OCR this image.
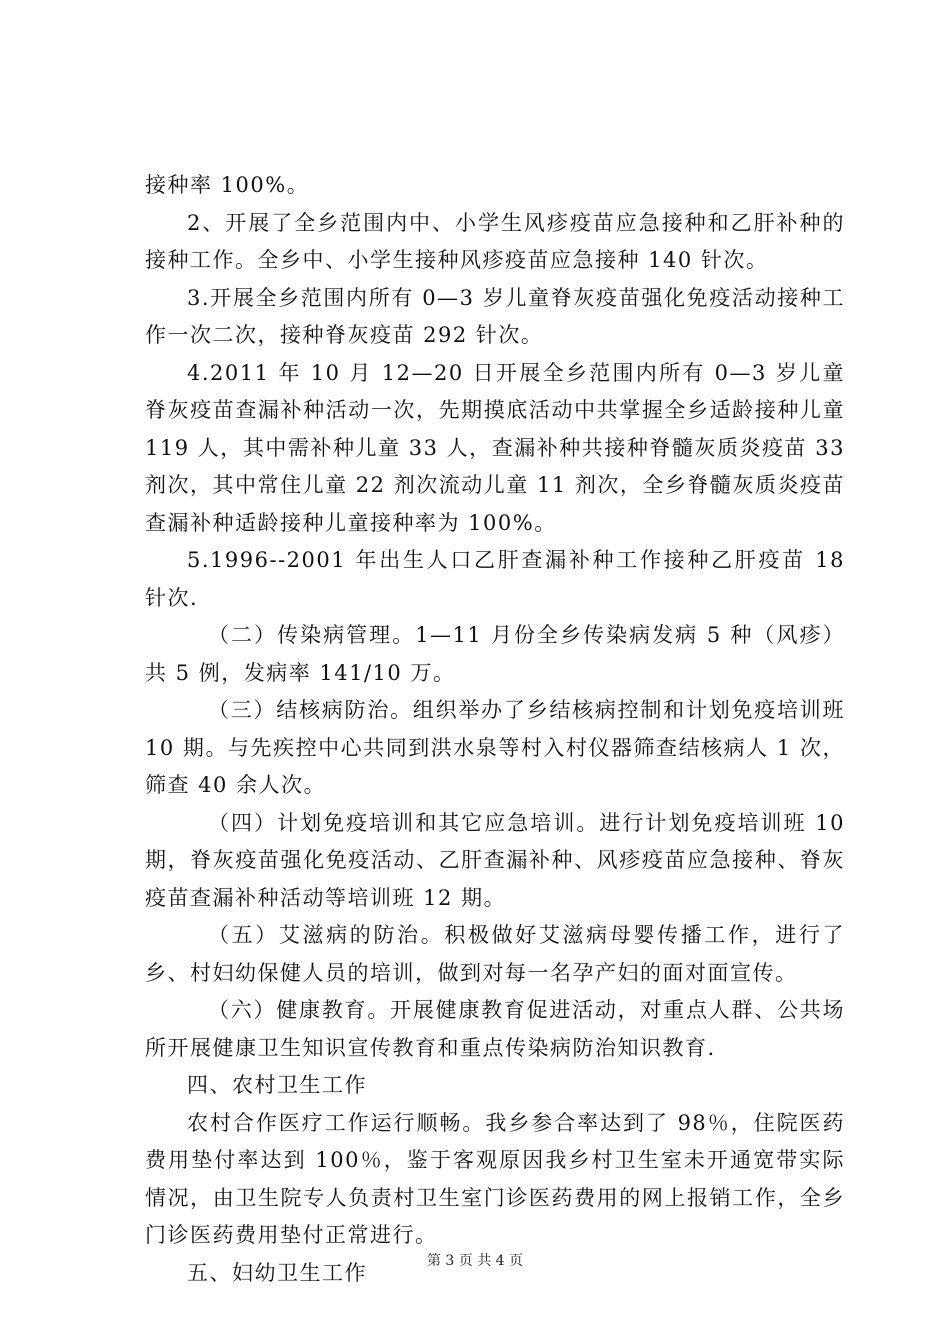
接种率 100%。

2、开展了全乡范围内中、小学生风疹疫苗应急接种和乙肝补种的接种工作。全乡中、小学生接种风疹疫苗应急接种 140 针次。

3.开展全乡范围内所有 0—3 岁儿童脊灰疫苗强化免疫活动接种工作一次二次，接种脊灰疫苗 292 针次。

4.2011 年 10 月 12—20 日开展全乡范围内所有 0—3 岁儿童脊灰疫苗查漏补种活动一次，先期摸底活动中共掌握全乡适龄接种儿童 119 人，其中需补种儿童 33 人，查漏补种共接种脊髓灰质炎疫苗 33 剂次，其中常住儿童 22 剂次流动儿童 11 剂次，全乡脊髓灰质炎疫苗查漏补种适龄接种儿童接种率为 100%。

5.1996--2001 年出生人口乙肝查漏补种工作接种乙肝疫苗 18 针次.

（二）传染病管理。1—11 月份全乡传染病发病 5 种（风疹）共 5 例，发病率 141/10 万。

（三）结核病防治。组织举办了乡结核病控制和计划免疫培训班 10 期。与先疾控中心共同到洪水泉等村入村仪器筛查结核病人 1 次，筛查 40 余人次。

（四）计划免疫培训和其它应急培训。进行计划免疫培训班 10 期，脊灰疫苗强化免疫活动、乙肝查漏补种、风疹疫苗应急接种、脊灰疫苗查漏补种活动等培训班 12 期。

（五）艾滋病的防治。积极做好艾滋病母婴传播工作，进行了乡、村妇幼保健人员的培训，做到对每一名孕产妇的面对面宣传。

（六）健康教育。开展健康教育促进活动，对重点人群、公共场所开展健康卫生知识宣传教育和重点传染病防治知识教育.

四、农村卫生工作

农村合作医疗工作运行顺畅。我乡参合率达到了 98％，住院医药费用垫付率达到 100％，鉴于客观原因我乡村卫生室未开通宽带实际情况，由卫生院专人负责村卫生室门诊医药费用的网上报销工作，全乡门诊医药费用垫付正常进行。

五、妇幼卫生工作	第 3 页 共 4 页
